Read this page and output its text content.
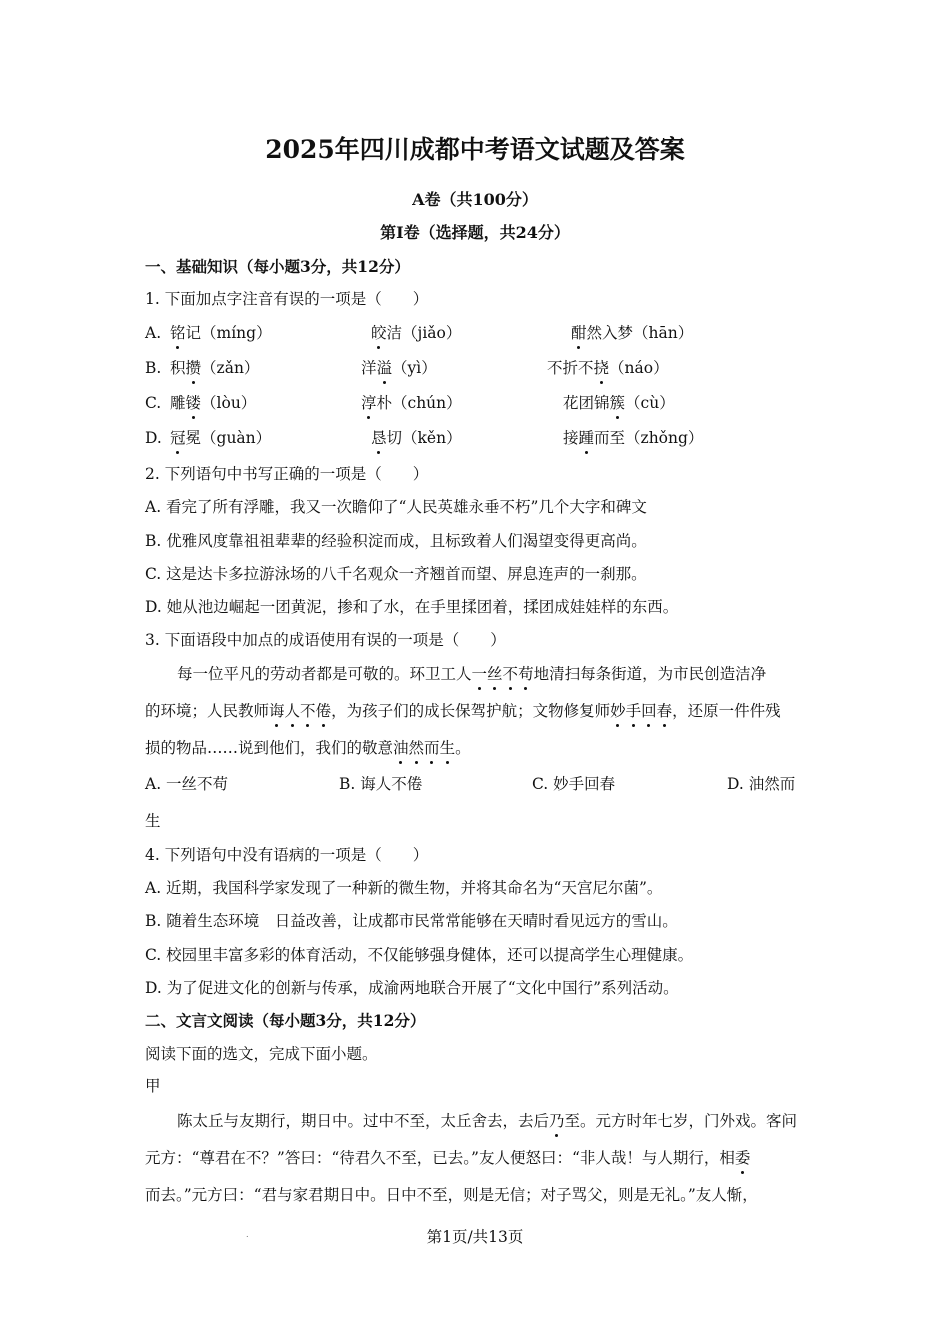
2025年四川成都中考语文试题及答案
A卷（共100分）
第Ⅰ卷（选择题，共24分）
一、基础知识（每小题3分，共12分）
1. 下面加点字注音有误的一项是（　　）
A. 铭记（míng）	皎洁（jiǎo）	酣然入梦（hān）
B. 积攒（zǎn）	洋溢（yì）	不折不挠（náo）
C. 雕镂（lòu）	淳朴（chún）	花团锦簇（cù）
D. 冠冕（guàn）	恳切（kěn）	接踵而至（zhǒng）
2. 下列语句中书写正确的一项是（　　）
A. 看完了所有浮雕，我又一次瞻仰了“人民英雄永垂不朽”几个大字和碑文
B. 优雅风度靠祖祖辈辈的经验积淀而成，且标致着人们渴望变得更高尚。
C. 这是达卡多拉游泳场的八千名观众一齐翘首而望、屏息连声的一刹那。
D. 她从池边崛起一团黄泥，掺和了水，在手里揉团着，揉团成娃娃样的东西。
3. 下面语段中加点的成语使用有误的一项是（　　）
每一位平凡的劳动者都是可敬的。环卫工人一丝不苟地清扫每条街道，为市民创造洁净
的环境；人民教师诲人不倦，为孩子们的成长保驾护航；文物修复师妙手回春，还原一件件残
损的物品……说到他们，我们的敬意油然而生。
A. 一丝不苟	B. 诲人不倦	C. 妙手回春	D. 油然而
生
4. 下列语句中没有语病的一项是（　　）
A. 近期，我国科学家发现了一种新的微生物，并将其命名为“天宫尼尔菌”。
B. 随着生态环境　日益改善，让成都市民常常能够在天晴时看见远方的雪山。
C. 校园里丰富多彩的体育活动，不仅能够强身健体，还可以提高学生心理健康。
D. 为了促进文化的创新与传承，成渝两地联合开展了“文化中国行”系列活动。
二、文言文阅读（每小题3分，共12分）
阅读下面的选文，完成下面小题。
甲
陈太丘与友期行，期日中。过中不至，太丘舍去，去后乃至。元方时年七岁，门外戏。客问
元方：“尊君在不？”答曰：“待君久不至，已去。”友人便怒曰：“非人哉！与人期行，相委
而去。”元方曰：“君与家君期日中。日中不至，则是无信；对子骂父，则是无礼。”友人惭，
.	第1页/共13页
